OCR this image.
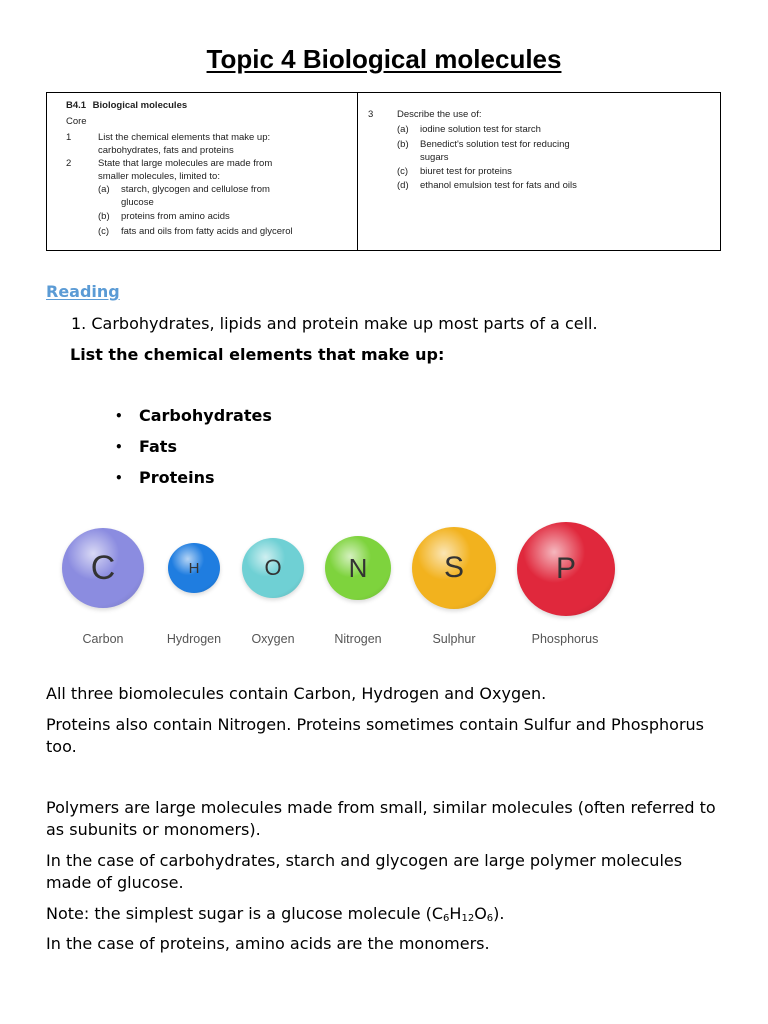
Topic 4 Biological molecules
B4.1 Biological molecules
Core
1	List the chemical elements that make up:
carbohydrates, fats and proteins
2	State that large molecules are made from
smaller molecules, limited to:
(a)	starch, glycogen and cellulose from
glucose
(b)	proteins from amino acids
(c)	fats and oils from fatty acids and glycerol
3	Describe the use of:
(a)	iodine solution test for starch
(b)	Benedict's solution test for reducing
sugars
(c)	biuret test for proteins
(d)	ethanol emulsion test for fats and oils
Reading
1. Carbohydrates, lipids and protein make up most parts of a cell.
List the chemical elements that make up:
• Carbohydrates
• Fats
• Proteins
C
Carbon
H
Hydrogen
O
Oxygen
N
Nitrogen
S
Sulphur
P
Phosphorus
All three biomolecules contain Carbon, Hydrogen and Oxygen.
Proteins also contain Nitrogen. Proteins sometimes contain Sulfur and Phosphorus too.
Polymers are large molecules made from small, similar molecules (often referred to as subunits or monomers).
In the case of carbohydrates, starch and glycogen are large polymer molecules made of glucose.
Note: the simplest sugar is a glucose molecule $(C_6H_{12}O_6)$.
In the case of proteins, amino acids are the monomers.
